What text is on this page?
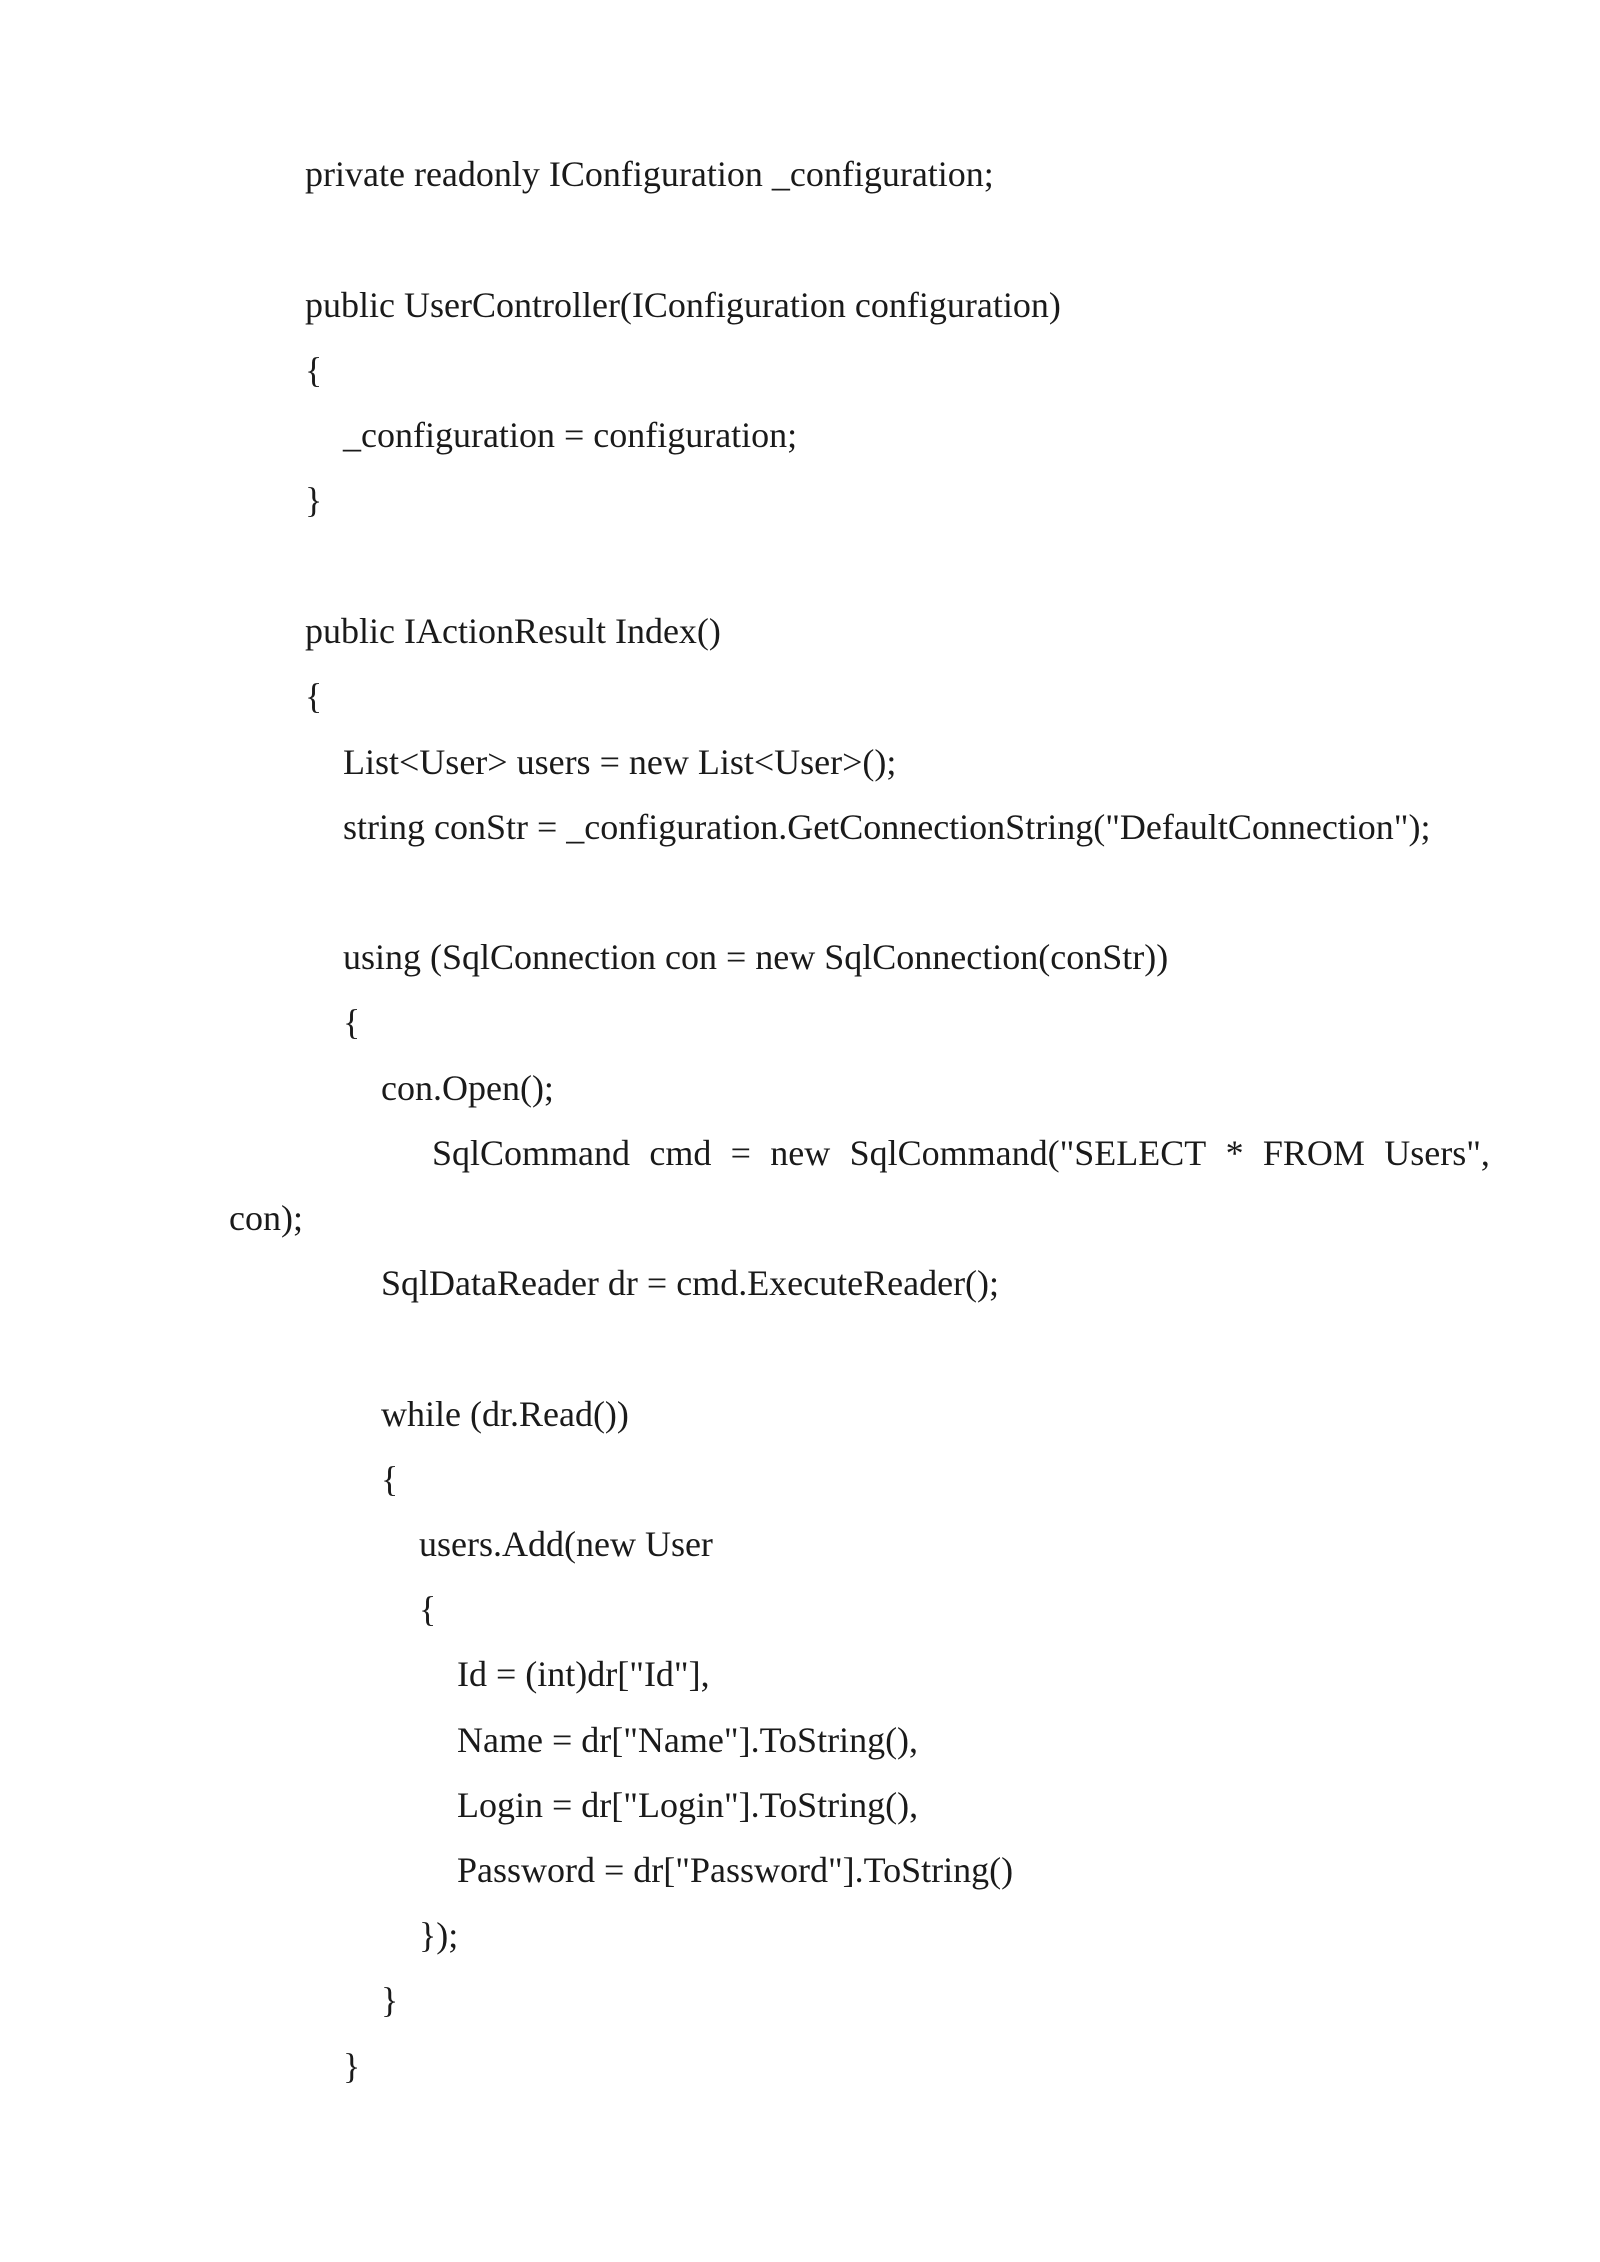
private readonly IConfiguration _configuration;
public UserController(IConfiguration configuration)
{
_configuration = configuration;
}
public IActionResult Index()
{
List<User> users = new List<User>();
string conStr = _configuration.GetConnectionString("DefaultConnection");
using (SqlConnection con = new SqlConnection(conStr))
{
con.Open();
SqlCommand cmd = new SqlCommand("SELECT * FROM Users",
con);
SqlDataReader dr = cmd.ExecuteReader();
while (dr.Read())
{
users.Add(new User
{
Id = (int)dr["Id"],
Name = dr["Name"].ToString(),
Login = dr["Login"].ToString(),
Password = dr["Password"].ToString()
});
}
}
